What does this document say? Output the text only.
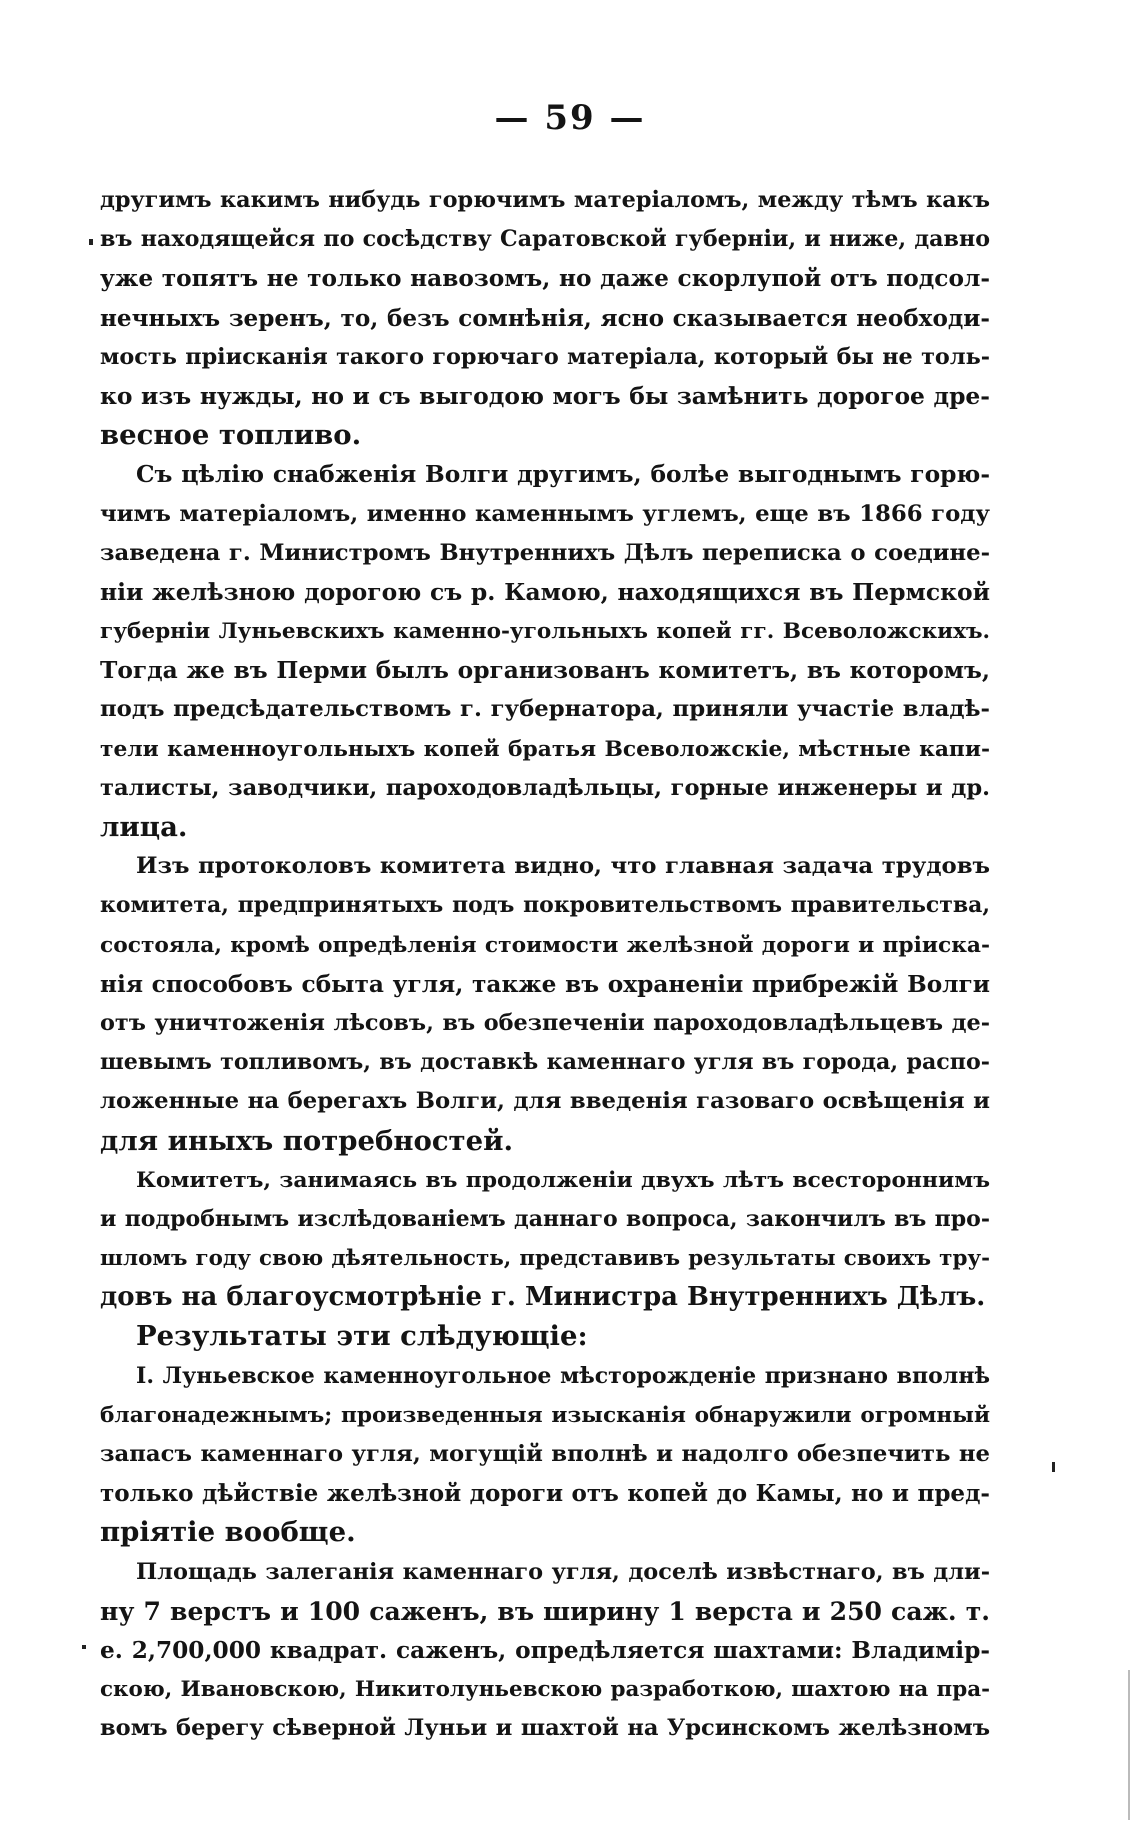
— 59 —
другимъ какимъ нибудь горючимъ матеріаломъ, между тѣмъ какъ
въ находящейся по сосѣдству Саратовской губерніи, и ниже, давно
уже топятъ не только навозомъ, но даже скорлупой отъ подсол-
нечныхъ зеренъ, то, безъ сомнѣнія, ясно сказывается необходи-
мость пріисканія такого горючаго матеріала, который бы не толь-
ко изъ нужды, но и съ выгодою могъ бы замѣнить дорогое дре-
весное топливо.
Съ цѣлію снабженія Волги другимъ, болѣе выгоднымъ горю-
чимъ матеріаломъ, именно каменнымъ углемъ, еще въ 1866 году
заведена г. Министромъ Внутреннихъ Дѣлъ переписка о соедине-
ніи желѣзною дорогою съ р. Камою, находящихся въ Пермской
губерніи Луньевскихъ каменно-угольныхъ копей гг. Всеволожскихъ.
Тогда же въ Перми былъ организованъ комитетъ, въ которомъ,
подъ предсѣдательствомъ г. губернатора, приняли участіе владѣ-
тели каменноугольныхъ копей братья Всеволожскіе, мѣстные капи-
талисты, заводчики, пароходовладѣльцы, горные инженеры и др.
лица.
Изъ протоколовъ комитета видно, что главная задача трудовъ
комитета, предпринятыхъ подъ покровительствомъ правительства,
состояла, кромѣ опредѣленія стоимости желѣзной дороги и пріиска-
нія способовъ сбыта угля, также въ охраненіи прибрежій Волги
отъ уничтоженія лѣсовъ, въ обезпеченіи пароходовладѣльцевъ де-
шевымъ топливомъ, въ доставкѣ каменнаго угля въ города, распо-
ложенные на берегахъ Волги, для введенія газоваго освѣщенія и
для иныхъ потребностей.
Комитетъ, занимаясь въ продолженіи двухъ лѣтъ всестороннимъ
и подробнымъ изслѣдованіемъ даннаго вопроса, закончилъ въ про-
шломъ году свою дѣятельность, представивъ результаты своихъ тру-
довъ на благоусмотрѣніе г. Министра Внутреннихъ Дѣлъ.
Результаты эти слѣдующіе:
I. Луньевское каменноугольное мѣсторожденіе признано вполнѣ
благонадежнымъ; произведенныя изысканія обнаружили огромный
запасъ каменнаго угля, могущій вполнѣ и надолго обезпечить не
только дѣйствіе желѣзной дороги отъ копей до Камы, но и пред-
пріятіе вообще.
Площадь залеганія каменнаго угля, доселѣ извѣстнаго, въ дли-
ну 7 верстъ и 100 саженъ, въ ширину 1 верста и 250 саж. т.
е. 2,700,000 квадрат. саженъ, опредѣляется шахтами: Владимір-
скою, Ивановскою, Никитолуньевскою разработкою, шахтою на пра-
вомъ берегу сѣверной Луньи и шахтой на Урсинскомъ желѣзномъ
